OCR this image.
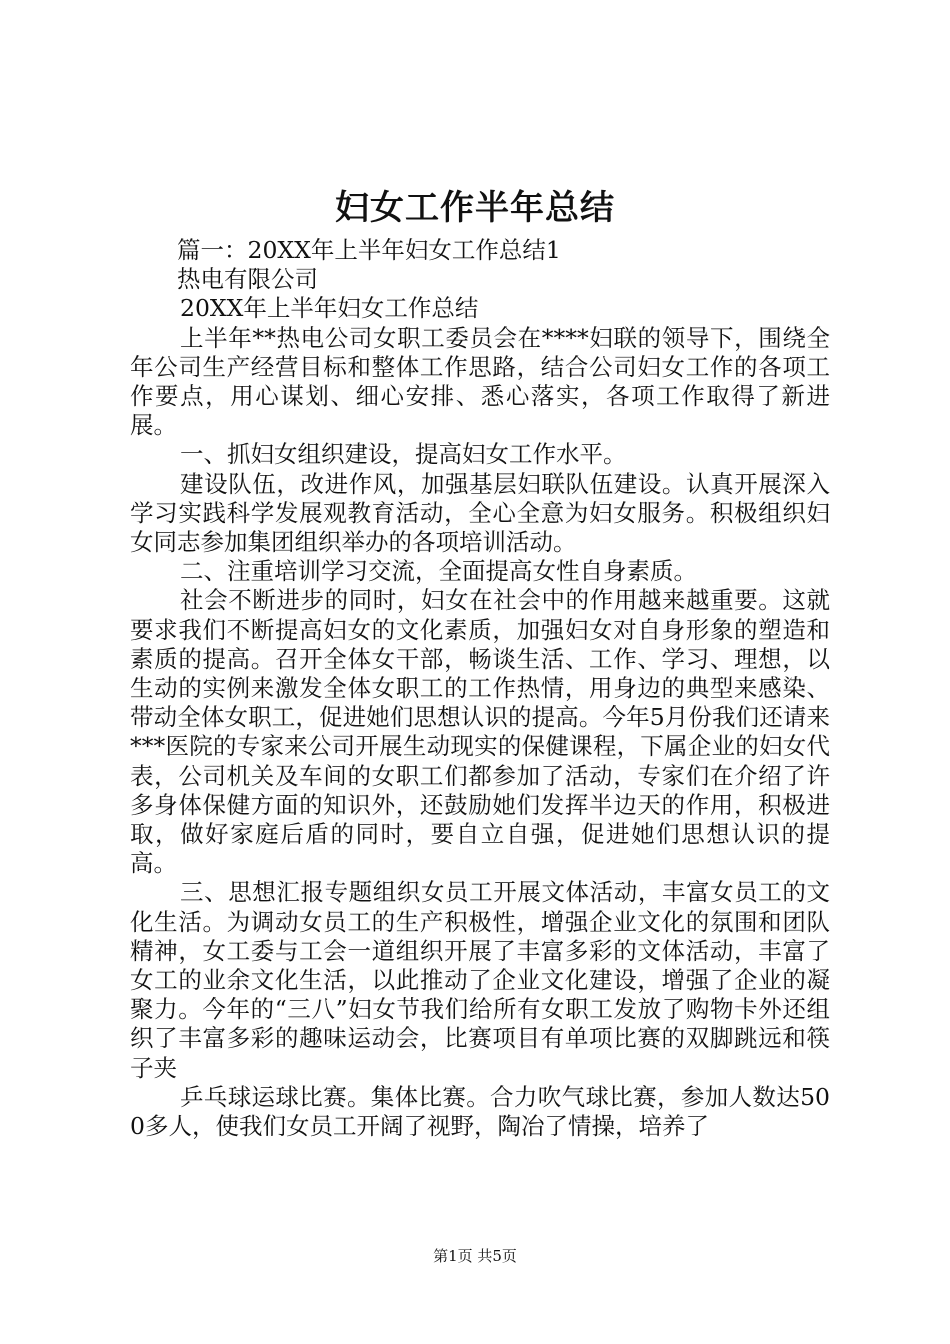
妇女工作半年总结

篇一：20XX年上半年妇女工作总结1

热电有限公司

20XX年上半年妇女工作总结

上半年**热电公司女职工委员会在****妇联的领导下，围绕全年公司生产经营目标和整体工作思路，结合公司妇女工作的各项工作要点，用心谋划、细心安排、悉心落实，各项工作取得了新进展。

一、抓妇女组织建设，提高妇女工作水平。

建设队伍，改进作风，加强基层妇联队伍建设。认真开展深入学习实践科学发展观教育活动，全心全意为妇女服务。积极组织妇女同志参加集团组织举办的各项培训活动。

二、注重培训学习交流，全面提高女性自身素质。

社会不断进步的同时，妇女在社会中的作用越来越重要。这就要求我们不断提高妇女的文化素质，加强妇女对自身形象的塑造和素质的提高。召开全体女干部，畅谈生活、工作、学习、理想，以生动的实例来激发全体女职工的工作热情，用身边的典型来感染、带动全体女职工，促进她们思想认识的提高。今年5月份我们还请来***医院的专家来公司开展生动现实的保健课程，下属企业的妇女代表，公司机关及车间的女职工们都参加了活动，专家们在介绍了许多身体保健方面的知识外，还鼓励她们发挥半边天的作用，积极进取，做好家庭后盾的同时，要自立自强，促进她们思想认识的提高。

三、思想汇报专题组织女员工开展文体活动，丰富女员工的文化生活。为调动女员工的生产积极性，增强企业文化的氛围和团队精神，女工委与工会一道组织开展了丰富多彩的文体活动，丰富了女工的业余文化生活，以此推动了企业文化建设，增强了企业的凝聚力。今年的“三八”妇女节我们给所有女职工发放了购物卡外还组织了丰富多彩的趣味运动会，比赛项目有单项比赛的双脚跳远和筷子夹

乒乓球运球比赛。集体比赛。合力吹气球比赛，参加人数达500多人，使我们女员工开阔了视野，陶冶了情操，培养了

第1页 共5页
